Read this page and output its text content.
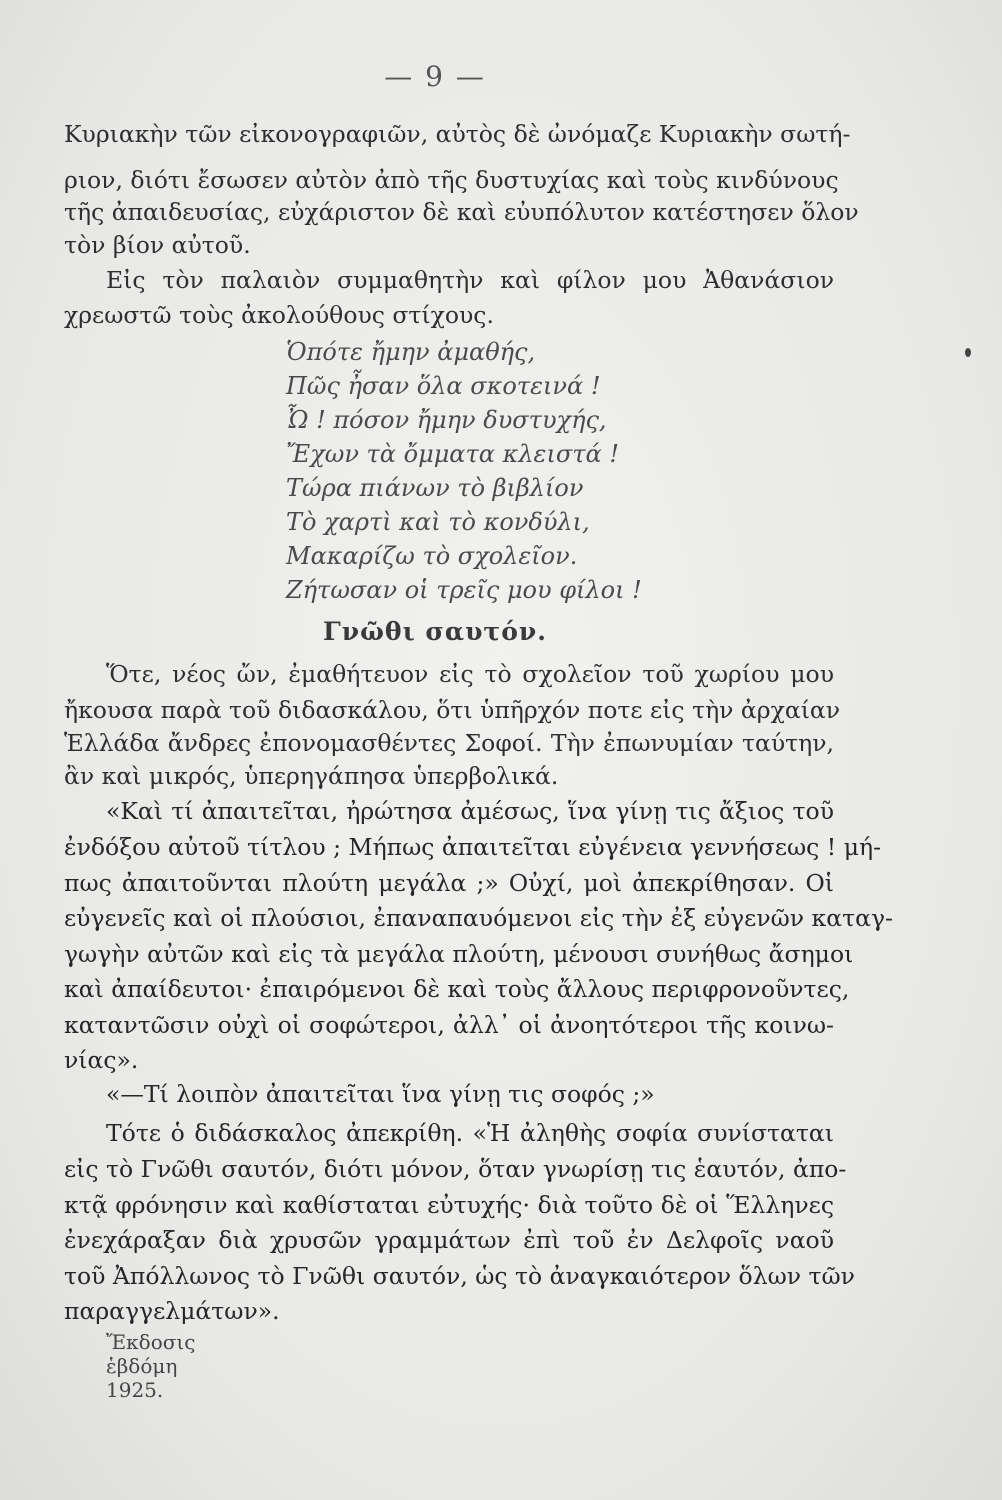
— 9 —
Κυριακὴν τῶν εἰκονογραφιῶν, αὐτὸς δὲ ὠνόμαζε Κυριακὴν σωτή-
ριον, διότι ἔσωσεν αὐτὸν ἀπὸ τῆς δυστυχίας καὶ τοὺς κινδύνους
τῆς ἀπαιδευσίας, εὐχάριστον δὲ καὶ εὐυπόλυτον κατέστησεν ὅλον
τὸν βίον αὐτοῦ.
Εἰς τὸν παλαιὸν συμμαθητὴν καὶ φίλον μου Ἀθανάσιον
χρεωστῶ τοὺς ἀκολούθους στίχους.
Ὁπότε ἤμην ἀμαθής,
Πῶς ἦσαν ὅλα σκοτεινά !
Ὦ ! πόσον ἤμην δυστυχής,
Ἔχων τὰ ὄμματα κλειστά !
Τώρα πιάνων τὸ βιβλίον
Τὸ χαρτὶ καὶ τὸ κονδύλι,
Μακαρίζω τὸ σχολεῖον.
Ζήτωσαν οἱ τρεῖς μου φίλοι !
Γνῶθι σαυτόν.
Ὅτε, νέος ὤν, ἐμαθήτευον εἰς τὸ σχολεῖον τοῦ χωρίου μου
ἤκουσα παρὰ τοῦ διδασκάλου, ὅτι ὑπῆρχόν ποτε εἰς τὴν ἀρχαίαν
Ἑλλάδα ἄνδρες ἐπονομασθέντες Σοφοί. Τὴν ἐπωνυμίαν ταύτην,
ἂν καὶ μικρός, ὑπερηγάπησα ὑπερβολικά.
«Καὶ τί ἀπαιτεῖται, ἠρώτησα ἀμέσως, ἵνα γίνῃ τις ἄξιος τοῦ
ἐνδόξου αὐτοῦ τίτλου ; Μήπως ἀπαιτεῖται εὐγένεια γεννήσεως ! μή-
πως ἀπαιτοῦνται πλούτη μεγάλα ;» Οὐχί, μοὶ ἀπεκρίθησαν. Οἱ
εὐγενεῖς καὶ οἱ πλούσιοι, ἐπαναπαυόμενοι εἰς τὴν ἐξ εὐγενῶν καταγ-
γωγὴν αὐτῶν καὶ εἰς τὰ μεγάλα πλούτη, μένουσι συνήθως ἄσημοι
καὶ ἀπαίδευτοι· ἐπαιρόμενοι δὲ καὶ τοὺς ἄλλους περιφρονοῦντες,
καταντῶσιν οὐχὶ οἱ σοφώτεροι, ἀλλ᾽ οἱ ἀνοητότεροι τῆς κοινω-
νίας».
«—Τί λοιπὸν ἀπαιτεῖται ἵνα γίνῃ τις σοφός ;»
Τότε ὁ διδάσκαλος ἀπεκρίθη. «Ἡ ἀληθὴς σοφία συνίσταται
εἰς τὸ Γνῶθι σαυτόν, διότι μόνον, ὅταν γνωρίσῃ τις ἑαυτόν, ἀπο-
κτᾷ φρόνησιν καὶ καθίσταται εὐτυχής· διὰ τοῦτο δὲ οἱ Ἕλληνες
ἐνεχάραξαν διὰ χρυσῶν γραμμάτων ἐπὶ τοῦ ἐν Δελφοῖς ναοῦ
τοῦ Ἀπόλλωνος τὸ Γνῶθι σαυτόν, ὡς τὸ ἀναγκαιότερον ὅλων τῶν
παραγγελμάτων».
Ἔκδοσις ἑβδόμη 1925.
